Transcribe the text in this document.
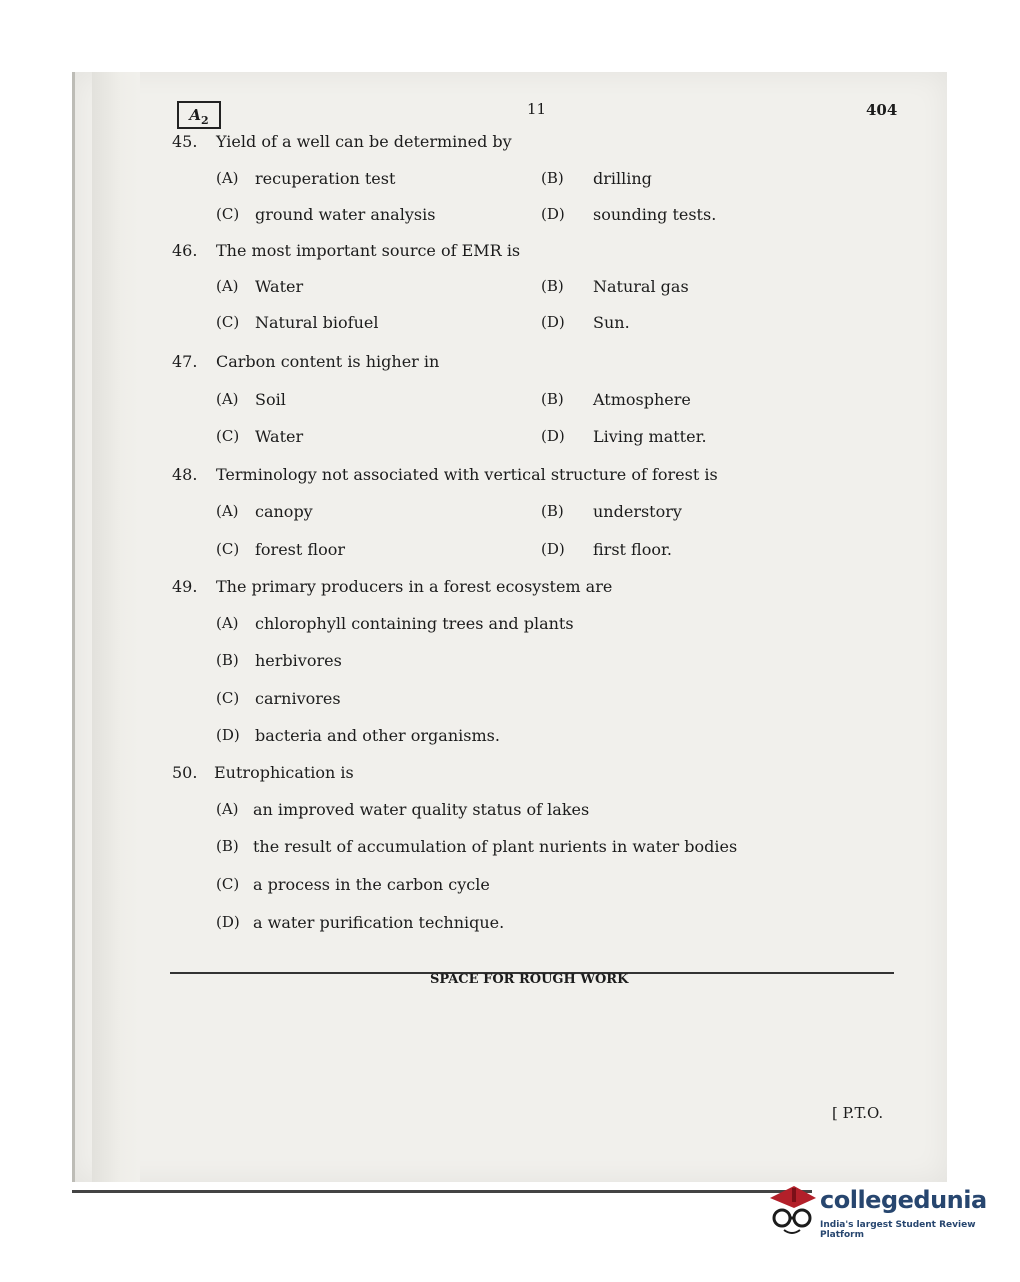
$A_2$
11	404
45. Yield of a well can be determined by
(A) recuperation test	(B) drilling
(C) ground water analysis	(D) sounding tests.
46. The most important source of EMR is
(A) Water	(B) Natural gas
(C) Natural biofuel	(D) Sun.
47. Carbon content is higher in
(A) Soil	(B) Atmosphere
(C) Water	(D) Living matter.
48. Terminology not associated with vertical structure of forest is
(A) canopy	(B) understory
(C) forest floor	(D) first floor.
49. The primary producers in a forest ecosystem are
(A) chlorophyll containing trees and plants
(B) herbivores
(C) carnivores
(D) bacteria and other organisms.
50. Eutrophication is
(A) an improved water quality status of lakes
(B) the result of accumulation of plant nurients in water bodies
(C) a process in the carbon cycle
(D) a water purification technique.
SPACE FOR ROUGH WORK
[ P.T.O.
collegedunia
India's largest Student Review Platform
